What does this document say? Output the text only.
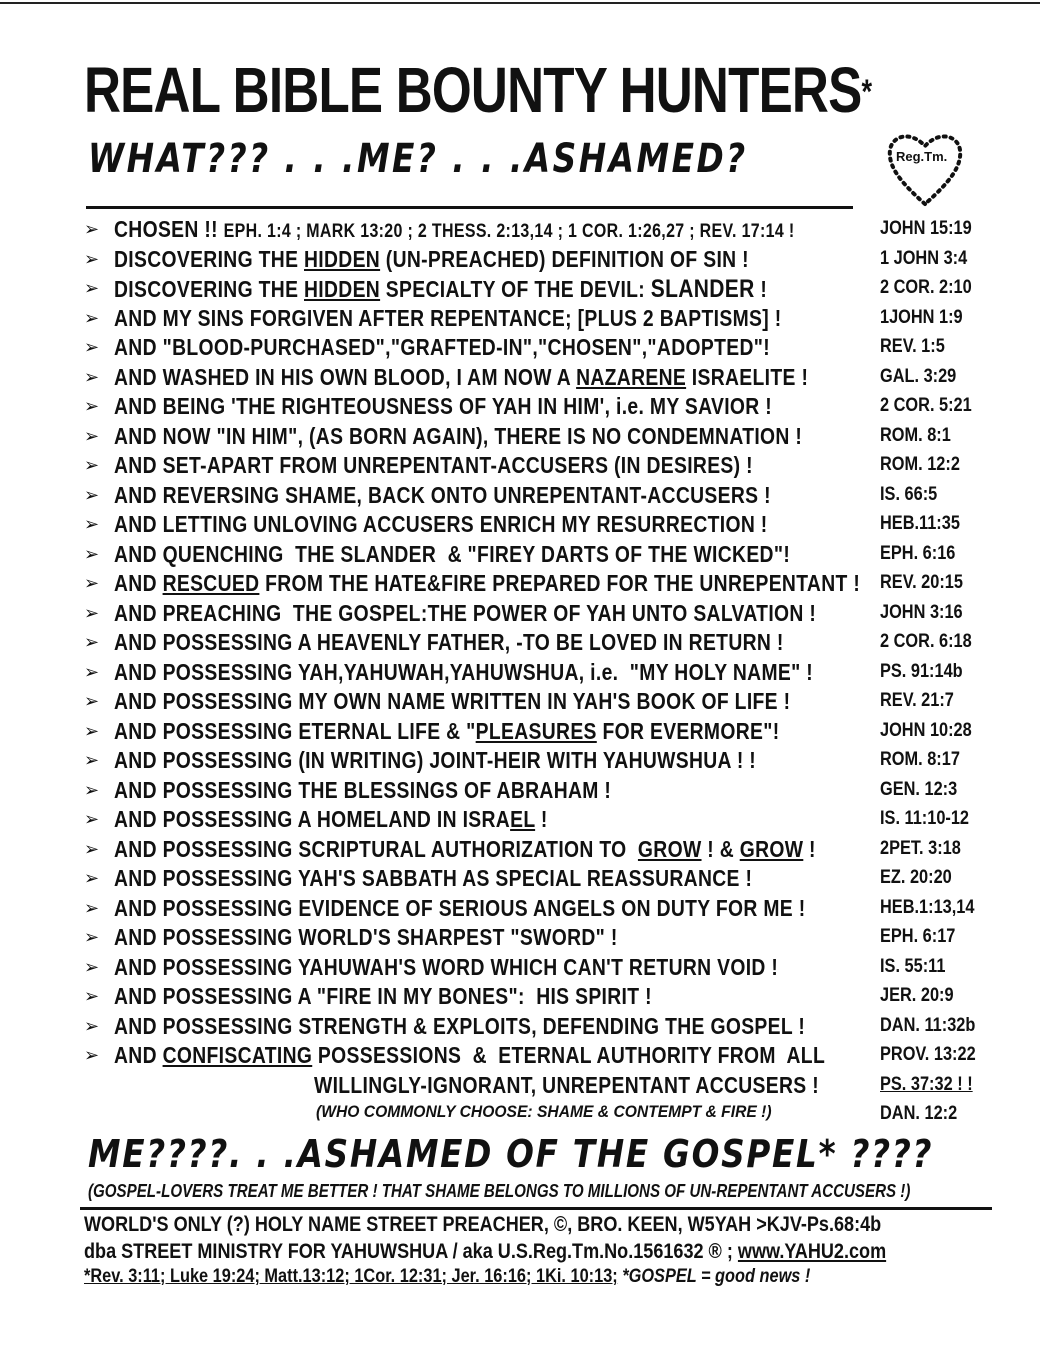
REAL BIBLE BOUNTY HUNTERS*
WHAT??? . . .ME? . . .ASHAMED?	Reg.Tm.
➢ CHOSEN !! EPH. 1:4 ; MARK 13:20 ; 2 THESS. 2:13,14 ; 1 COR. 1:26,27 ; REV. 17:14 !	JOHN 15:19
➢ DISCOVERING THE HIDDEN (UN-PREACHED) DEFINITION OF SIN !	1 JOHN 3:4
➢ DISCOVERING THE HIDDEN SPECIALTY OF THE DEVIL: SLANDER !	2 COR. 2:10
➢ AND MY SINS FORGIVEN AFTER REPENTANCE; [PLUS 2 BAPTISMS] !	1JOHN 1:9
➢ AND "BLOOD-PURCHASED","GRAFTED-IN","CHOSEN","ADOPTED"!	REV. 1:5
➢ AND WASHED IN HIS OWN BLOOD, I AM NOW A NAZARENE ISRAELITE !	GAL. 3:29
➢ AND BEING 'THE RIGHTEOUSNESS OF YAH IN HIM', i.e. MY SAVIOR !	2 COR. 5:21
➢ AND NOW "IN HIM", (AS BORN AGAIN), THERE IS NO CONDEMNATION !	ROM. 8:1
➢ AND SET-APART FROM UNREPENTANT-ACCUSERS (IN DESIRES) !	ROM. 12:2
➢ AND REVERSING SHAME, BACK ONTO UNREPENTANT-ACCUSERS !	IS. 66:5
➢ AND LETTING UNLOVING ACCUSERS ENRICH MY RESURRECTION !	HEB.11:35
➢ AND QUENCHING  THE SLANDER  & "FIREY DARTS OF THE WICKED"!	EPH. 6:16
➢ AND RESCUED FROM THE HATE&FIRE PREPARED FOR THE UNREPENTANT ! REV. 20:15
➢ AND PREACHING  THE GOSPEL:THE POWER OF YAH UNTO SALVATION !	JOHN 3:16
➢ AND POSSESSING A HEAVENLY FATHER, -TO BE LOVED IN RETURN !	2 COR. 6:18
➢ AND POSSESSING YAH,YAHUWAH,YAHUWSHUA, i.e.  "MY HOLY NAME" !	PS. 91:14b
➢ AND POSSESSING MY OWN NAME WRITTEN IN YAH'S BOOK OF LIFE !	REV. 21:7
➢ AND POSSESSING ETERNAL LIFE & "PLEASURES FOR EVERMORE"!	JOHN 10:28
➢ AND POSSESSING (IN WRITING) JOINT-HEIR WITH YAHUWSHUA ! !	ROM. 8:17
➢ AND POSSESSING THE BLESSINGS OF ABRAHAM !	GEN. 12:3
➢ AND POSSESSING A HOMELAND IN ISRAEL !	IS. 11:10-12
➢ AND POSSESSING SCRIPTURAL AUTHORIZATION TO  GROW ! & GROW !	2PET. 3:18
➢ AND POSSESSING YAH'S SABBATH AS SPECIAL REASSURANCE !	EZ. 20:20
➢ AND POSSESSING EVIDENCE OF SERIOUS ANGELS ON DUTY FOR ME !	HEB.1:13,14
➢ AND POSSESSING WORLD'S SHARPEST "SWORD" !	EPH. 6:17
➢ AND POSSESSING YAHUWAH'S WORD WHICH CAN'T RETURN VOID !	IS. 55:11
➢ AND POSSESSING A "FIRE IN MY BONES":  HIS SPIRIT !	JER. 20:9
➢ AND POSSESSING STRENGTH & EXPLOITS, DEFENDING THE GOSPEL !	DAN. 11:32b
➢ AND CONFISCATING POSSESSIONS  &  ETERNAL AUTHORITY FROM  ALL	PROV. 13:22
WILLINGLY-IGNORANT, UNREPENTANT ACCUSERS !	PS. 37:32 ! !
(WHO COMMONLY CHOOSE: SHAME & CONTEMPT & FIRE !)	DAN. 12:2
ME????. . .ASHAMED OF THE GOSPEL* ????
(GOSPEL-LOVERS TREAT ME BETTER ! THAT SHAME BELONGS TO MILLIONS OF UN-REPENTANT ACCUSERS !)
WORLD'S ONLY (?) HOLY NAME STREET PREACHER, ©, BRO. KEEN, W5YAH >KJV-Ps.68:4b
dba STREET MINISTRY FOR YAHUWSHUA / aka U.S.Reg.Tm.No.1561632 ® ; www.YAHU2.com
*Rev. 3:11; Luke 19:24; Matt.13:12; 1Cor. 12:31; Jer. 16:16; 1Ki. 10:13; *GOSPEL = good news !
